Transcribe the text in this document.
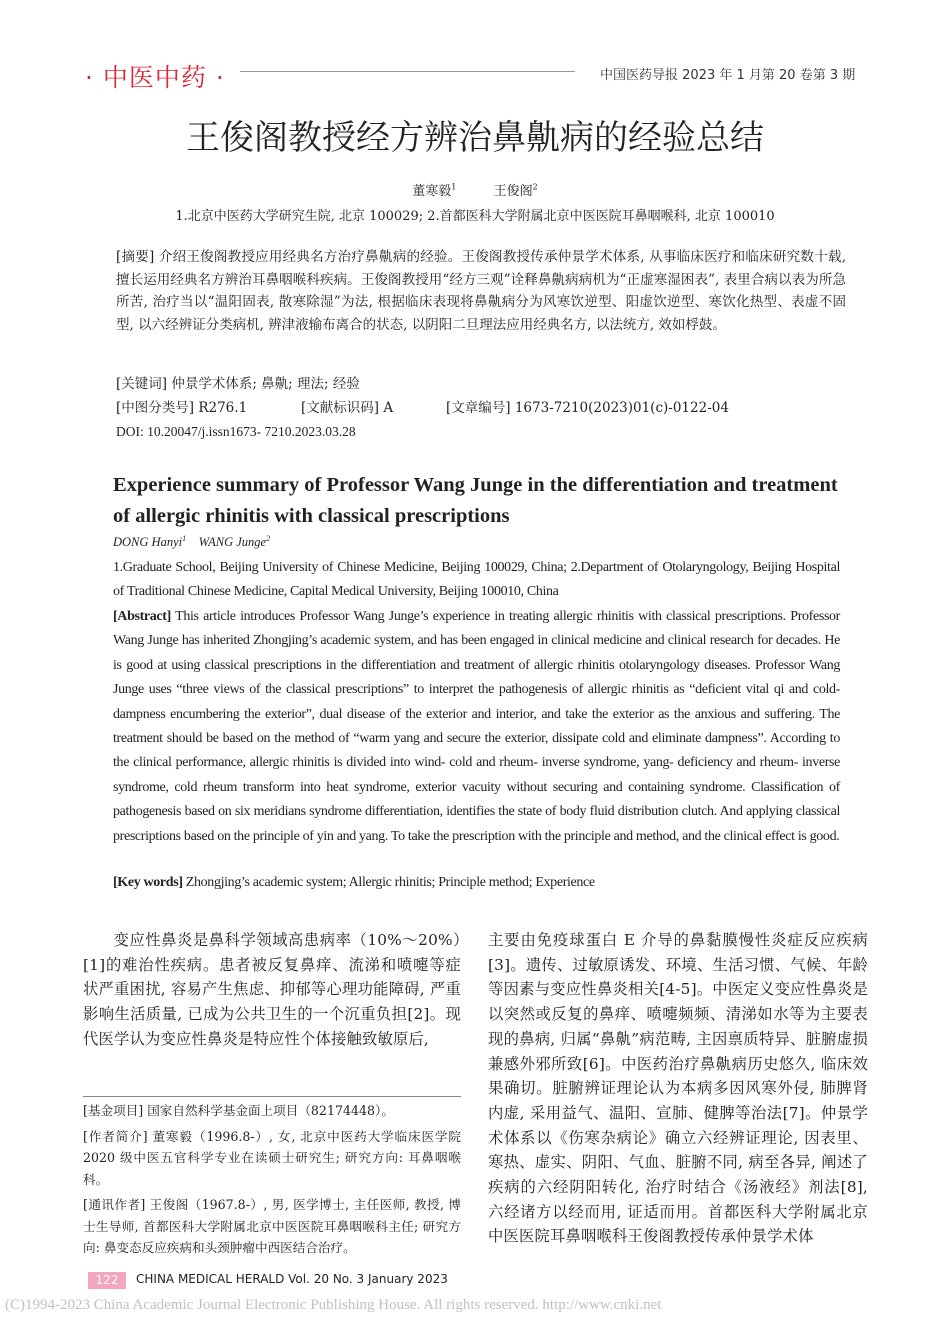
· 中医中药 ·	中国医药导报 2023 年 1 月第 20 卷第 3 期
王俊阁教授经方辨治鼻鼽病的经验总结
董寒毅$^1$	王俊阁$^2$
1.北京中医药大学研究生院, 北京 100029; 2.首都医科大学附属北京中医医院耳鼻咽喉科, 北京 100010
[摘要] 介绍王俊阁教授应用经典名方治疗鼻鼽病的经验。王俊阁教授传承仲景学术体系, 从事临床医疗和临床研究数十载, 擅长运用经典名方辨治耳鼻咽喉科疾病。王俊阁教授用“经方三观”诠释鼻鼽病病机为“正虚寒湿困表”, 表里合病以表为所急所苦, 治疗当以“温阳固表, 散寒除湿”为法, 根据临床表现将鼻鼽病分为风寒饮逆型、阳虚饮逆型、寒饮化热型、表虚不固型, 以六经辨证分类病机, 辨津液输布离合的状态, 以阴阳二旦理法应用经典名方, 以法统方, 效如桴鼓。
[关键词] 仲景学术体系; 鼻鼽; 理法; 经验
[中图分类号] R276.1	[文献标识码] A	[文章编号] 1673-7210(2023)01(c)-0122-04
DOI: 10.20047/j.issn1673- 7210.2023.03.28
Experience summary of Professor Wang Junge in the differentiation and treatment of allergic rhinitis with classical prescriptions
DONG Hanyi$^1$ WANG Junge$^2$
1.Graduate School, Beijing University of Chinese Medicine, Beijing 100029, China; 2.Department of Otolaryngology, Beijing Hospital of Traditional Chinese Medicine, Capital Medical University, Beijing 100010, China
[Abstract] This article introduces Professor Wang Junge’s experience in treating allergic rhinitis with classical prescriptions. Professor Wang Junge has inherited Zhongjing’s academic system, and has been engaged in clinical medicine and clinical research for decades. He is good at using classical prescriptions in the differentiation and treatment of allergic rhinitis otolaryngology diseases. Professor Wang Junge uses “three views of the classical prescriptions” to interpret the pathogenesis of allergic rhinitis as “deficient vital qi and cold- dampness encumbering the exterior”, dual disease of the exterior and interior, and take the exterior as the anxious and suffering. The treatment should be based on the method of “warm yang and secure the exterior, dissipate cold and eliminate dampness”. According to the clinical performance, allergic rhinitis is divided into wind- cold and rheum- inverse syndrome, yang- deficiency and rheum- inverse syndrome, cold rheum transform into heat syndrome, exterior vacuity without securing and containing syndrome. Classification of pathogenesis based on six meridians syndrome differentiation, identifies the state of body fluid distribution clutch. And applying classical prescriptions based on the principle of yin and yang. To take the prescription with the principle and method, and the clinical effect is good.
[Key words] Zhongjing’s academic system; Allergic rhinitis; Principle method; Experience
变应性鼻炎是鼻科学领域高患病率（10%～20%）[1]的难治性疾病。患者被反复鼻痒、流涕和喷嚏等症状严重困扰, 容易产生焦虑、抑郁等心理功能障碍, 严重影响生活质量, 已成为公共卫生的一个沉重负担[2]。现代医学认为变应性鼻炎是特应性个体接触致敏原后,
主要由免疫球蛋白 E 介导的鼻黏膜慢性炎症反应疾病[3]。遗传、过敏原诱发、环境、生活习惯、气候、年龄等因素与变应性鼻炎相关[4-5]。中医定义变应性鼻炎是以突然或反复的鼻痒、喷嚏频频、清涕如水等为主要表现的鼻病, 归属“鼻鼽”病范畴, 主因禀质特异、脏腑虚损兼感外邪所致[6]。中医药治疗鼻鼽病历史悠久, 临床效果确切。脏腑辨证理论认为本病多因风寒外侵, 肺脾肾内虚, 采用益气、温阳、宣肺、健脾等治法[7]。仲景学术体系以《伤寒杂病论》确立六经辨证理论, 因表里、寒热、虚实、阴阳、气血、脏腑不同, 病至各异, 阐述了疾病的六经阴阳转化, 治疗时结合《汤液经》剂法[8], 六经诸方以经而用, 证适而用。首都医科大学附属北京中医医院耳鼻咽喉科王俊阁教授传承仲景学术体

[基金项目] 国家自然科学基金面上项目（82174448）。

[作者简介] 董寒毅（1996.8-）, 女, 北京中医药大学临床医学院 2020 级中医五官科学专业在读硕士研究生; 研究方向: 耳鼻咽喉科。

[通讯作者] 王俊阁（1967.8-）, 男, 医学博士, 主任医师, 教授, 博士生导师, 首都医科大学附属北京中医医院耳鼻咽喉科主任; 研究方向: 鼻变态反应疾病和头颈肿瘤中西医结合治疗。

122	CHINA MEDICAL HERALD Vol. 20 No. 3 January 2023
(C)1994-2023 China Academic Journal Electronic Publishing House. All rights reserved. http://www.cnki.net
